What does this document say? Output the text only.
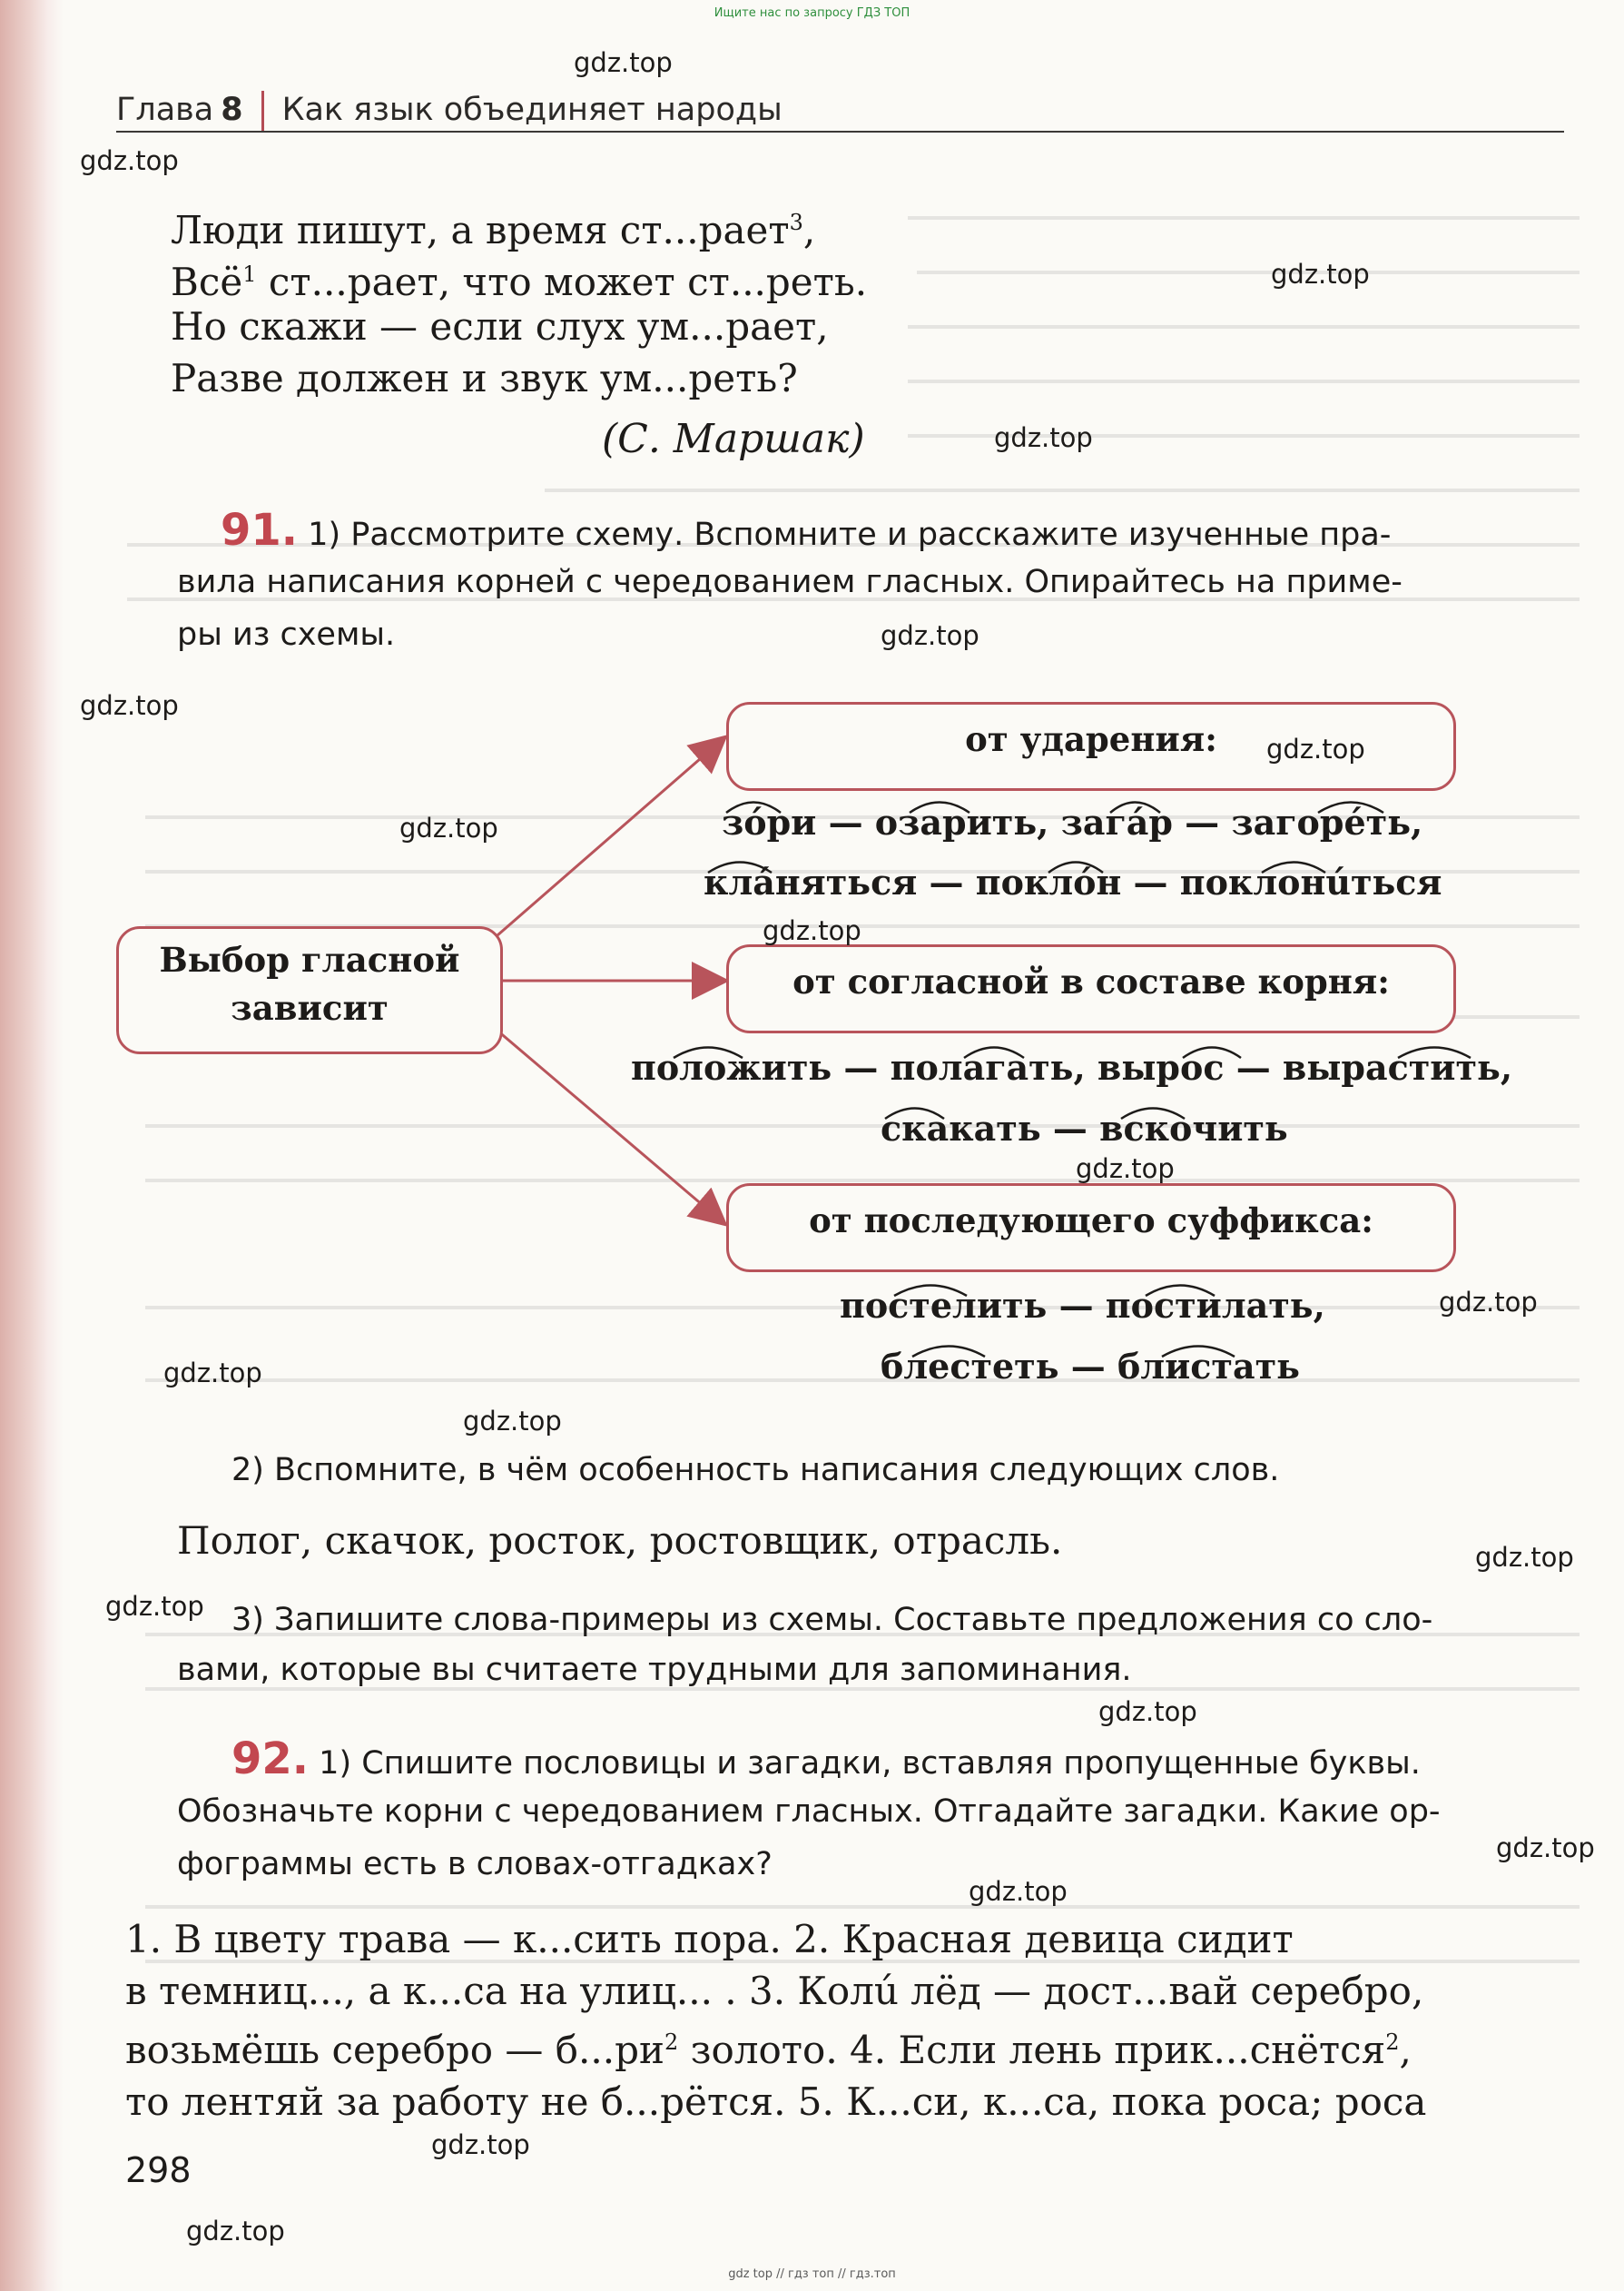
Ищите нас по запросу ГДЗ ТОП
Глава 8 Как язык объединяет народы
Люди пишут, а время ст...рает$^3$,
Всё$^1$ ст...рает, что может ст...реть.
Но скажи — если слух ум...рает,
Разве должен и звук ум...реть?
(С. Маршак)
91. 1) Рассмотрите схему. Вспомните и расскажите изученные пра-
вила написания корней с чередованием гласных. Опирайтесь на приме-
ры из схемы.
Выбор гласной
зависит
от ударения:
зóри — озарить, загáр — загорéть,
клáняться — поклóн — поклонúться
от согласной в составе корня:
положить — полагать, вырос — вырастить,
скакать — вскочить
от последующего суффикса:
постелить — постилать,
блестеть — блистать
2) Вспомните, в чём особенность написания следующих слов.
Полог, скачок, росток, ростовщик, отрасль.
3) Запишите слова-примеры из схемы. Составьте предложения со сло-
вами, которые вы считаете трудными для запоминания.
92. 1) Спишите пословицы и загадки, вставляя пропущенные буквы.
Обозначьте корни с чередованием гласных. Отгадайте загадки. Какие ор-
фограммы есть в словах-отгадках?
1. В цвету трава — к...сить пора. 2. Красная девица сидит
в темниц..., а к...са на улиц... . 3. Колú лёд — дост...вай серебро,
возьмёшь серебро — $б...ри^2$ золото. 4. Если лень прик...снётся$^2$,
то лентяй за работу не б...рётся. 5. К...си, к...са, пока роса; роса
298
gdz.top
gdz.top
gdz.top
gdz.top
gdz.top
gdz.top
gdz.top
gdz.top
gdz.top
gdz.top
gdz.top
gdz.top
gdz.top
gdz.top
gdz.top
gdz.top
gdz.top
gdz.top
gdz.top
gdz.top
gdz top // гдз топ // гдз.топ
